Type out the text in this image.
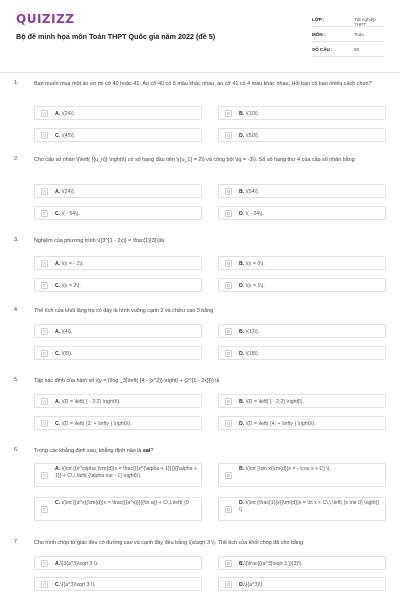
QUIZIZZ
Bộ đề minh họa môn Toán THPT Quốc gia năm 2022 (đề 5)
LỚP :	Tốt nghiệp THPT
MÔN :	Toán
SỐ CÂU :	50
1.	Bạn muốn mua một áo sơ mi cỡ 40 hoặc 41. Áo cỡ 40 có 6 màu khác nhau, áo cỡ 41 có 4 màu khác nhau. Hỏi bạn có bao nhiêu cách chọn?
A	A. \(24\).	B	B. \(10\).
C	C. \(45\).	D	D. \(50\).
2.	Cho cấp số nhân \(\left( {{u_n}} \right)\) có số hạng đầu tiên \({u_1} = 2\) và công bội \(q = -3\). Số số hạng thứ 4 của cấp số nhân bằng
A	A. \(24\).	B	B. \(54\).
C	C. \( - 54\).	D	D. \( - 24\).
3.	Nghiệm của phương trình \({3^{1 - 2x}} = \frac{1}{3}\)là
A	A. \(x = - 1\).	B	B. \(x = 0\).
C	C. \(x = 2\).	D	D. \(x = 1\).
4.	Thể tích của khối lăng trụ có đáy là hình vuông cạnh 2 và chiều cao 3 bằng
A	A. \(4\).	B	B. \(12\).
C	C. \(8\).	D	D. \(18\).
5.	Tập xác định của hàm số \(y = {\log _3}\left( {4 - {x^2}} \right) + {2^{1 - 2x}}\) là
A	A. \(D = \left( { - 2;2} \right)\).	B	B. \(D = \left[ { - 2;2} \right]\).
C	C. \(D = \left( {2; + \infty } \right)\).	D	D. \(D = \left( {4; + \infty } \right)\).
6.	Trong các khẳng định sau, khẳng định nào là sai?
A
A. \(\int {{x^\alpha }\rm{d}}x = \frac{{{x^{\alpha + 1}}}}{{\alpha + 1}} + C\,\,\left( {\alpha \ne - 1} \right)\).	B
B. \(\int {\sin x{\rm{d}}x = - \cos x + C} \).
C
C. \(\int {{a^x}{\rm{d}}x = \frac{{{a^x}}}{{\ln a}} + C\,\,\left( {0
D
D. \(\int {\frac{1}{x}{\rm{d}}x = \ln x + C\,\,\left( {x \ne 0} \right)} \).
7.	Cho hình chóp tứ giác đều có đường cao và cạnh đáy đều bằng \(a\sqrt 3 \). Thể tích của khối chóp đã cho bằng:
A	A.\(3{a^3}\sqrt 3 \).	B	B.\(\frac{{{a^3}\sqrt 3 }}{3}\).
C	C.\({a^3}\sqrt 3 \).	D	D.\({a^3}\).
